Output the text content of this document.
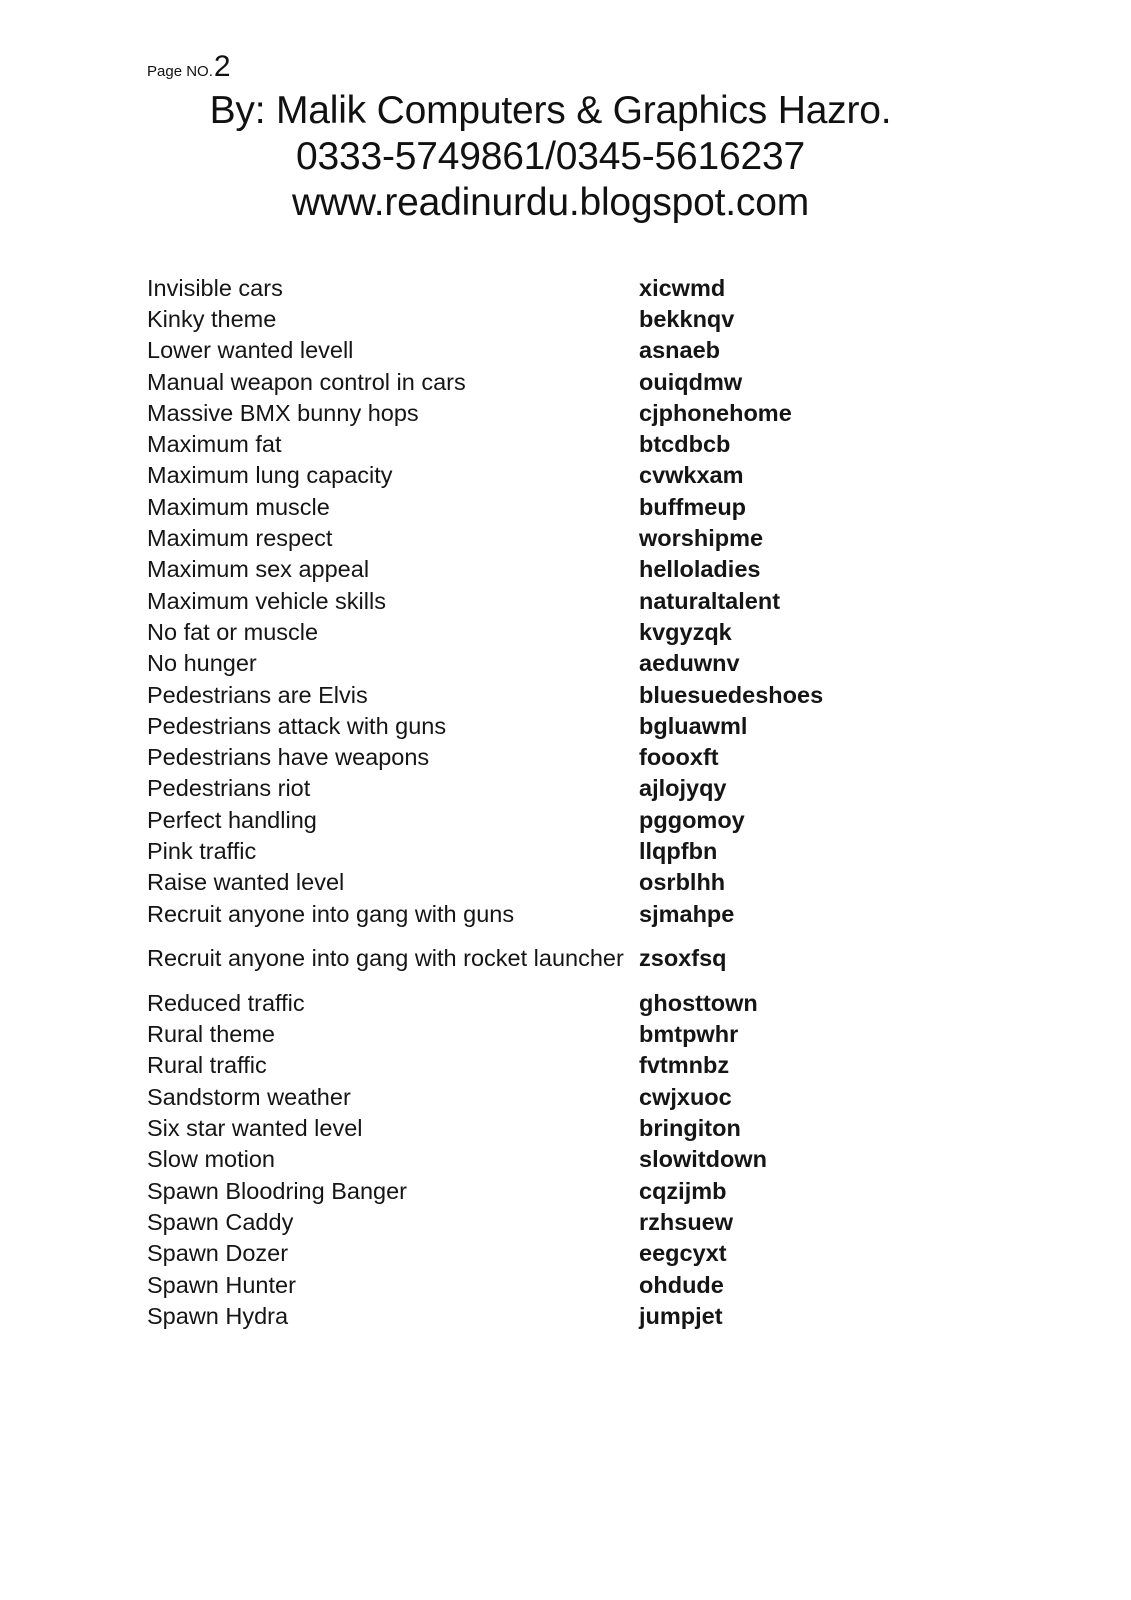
Page NO. 2
By: Malik Computers & Graphics Hazro.
0333-5749861/0345-5616237
www.readinurdu.blogspot.com
Invisible cars	xicwmd
Kinky theme	bekknqv
Lower wanted levell	asnaeb
Manual weapon control in cars	ouiqdmw
Massive BMX bunny hops	cjphonehome
Maximum fat	btcdbcb
Maximum lung capacity	cvwkxam
Maximum muscle	buffmeup
Maximum respect	worshipme
Maximum sex appeal	helloladies
Maximum vehicle skills	naturaltalent
No fat or muscle	kvgyzqk
No hunger	aeduwnv
Pedestrians are Elvis	bluesuedeshoes
Pedestrians attack with guns	bgluawml
Pedestrians have weapons	foooxft
Pedestrians riot	ajlojyqy
Perfect handling	pggomoy
Pink traffic	llqpfbn
Raise wanted level	osrblhh
Recruit anyone into gang with guns	sjmahpe
Recruit anyone into gang with rocket launcher zsoxfsq
Reduced traffic	ghosttown
Rural theme	bmtpwhr
Rural traffic	fvtmnbz
Sandstorm weather	cwjxuoc
Six star wanted level	bringiton
Slow motion	slowitdown
Spawn Bloodring Banger	cqzijmb
Spawn Caddy	rzhsuew
Spawn Dozer	eegcyxt
Spawn Hunter	ohdude
Spawn Hydra	jumpjet
